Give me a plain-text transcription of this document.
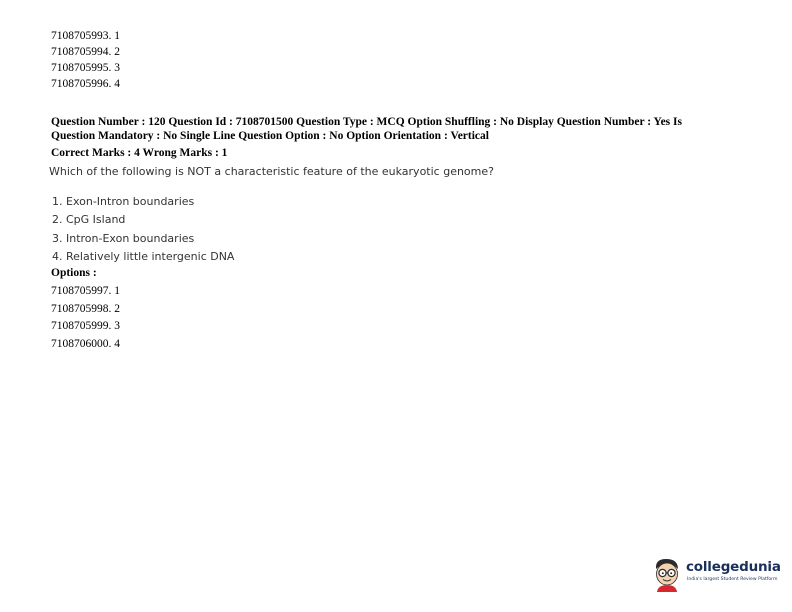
7108705993. 1
7108705994. 2
7108705995. 3
7108705996. 4
Question Number : 120 Question Id : 7108701500 Question Type : MCQ Option Shuffling : No Display Question Number : Yes Is
Question Mandatory : No Single Line Question Option : No Option Orientation : Vertical
Correct Marks : 4 Wrong Marks : 1
Which of the following is NOT a characteristic feature of the eukaryotic genome?
1. Exon-Intron boundaries
2. CpG Island
3. Intron-Exon boundaries
4. Relatively little intergenic DNA
Options :
7108705997. 1
7108705998. 2
7108705999. 3
7108706000. 4
collegedunia
India's largest Student Review Platform
